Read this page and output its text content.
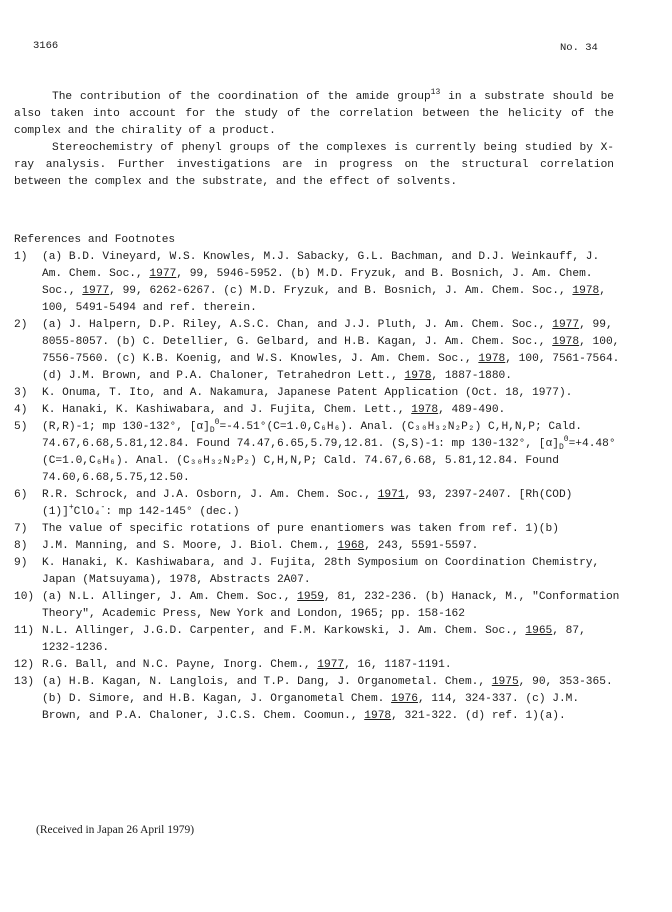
3166	No. 34

The contribution of the coordination of the amide group$^{13}$ in a substrate should be also taken into account for the study of the correlation between the helicity of the complex and the chirality of a product.

Stereochemistry of phenyl groups of the complexes is currently being studied by X-ray analysis. Further investigations are in progress on the structural correlation between the complex and the substrate, and the effect of solvents.

References and Footnotes
1)	(a) B.D. Vineyard, W.S. Knowles, M.J. Sabacky, G.L. Bachman, and D.J. Weinkauff, J. Am. Chem. Soc., 1977, 99, 5946-5952. (b) M.D. Fryzuk, and B. Bosnich, J. Am. Chem. Soc., 1977, 99, 6262-6267. (c) M.D. Fryzuk, and B. Bosnich, J. Am. Chem. Soc., 1978, 100, 5491-5494 and ref. therein.
2)	(a) J. Halpern, D.P. Riley, A.S.C. Chan, and J.J. Pluth, J. Am. Chem. Soc., 1977, 99, 8055-8057. (b) C. Detellier, G. Gelbard, and H.B. Kagan, J. Am. Chem. Soc., 1978, 100, 7556-7560. (c) K.B. Koenig, and W.S. Knowles, J. Am. Chem. Soc., 1978, 100, 7561-7564. (d) J.M. Brown, and P.A. Chaloner, Tetrahedron Lett., 1978, 1887-1880.
3)	K. Onuma, T. Ito, and A. Nakamura, Japanese Patent Application (Oct. 18, 1977).
4)	K. Hanaki, K. Kashiwabara, and J. Fujita, Chem. Lett., 1978, 489-490.
5)	(R,R)-1; mp 130-132°, $[\alpha]_D^0=-4.51^\circ(C=1.0,C_6H_6)$. Anal. (C₃₀H₃₂N₂P₂) C,H,N,P; Cald. 74.67,6.68,5.81,12.84. Found 74.47,6.65,5.79,12.81. (S,S)-1: mp 130-132°, $[\alpha]_D^0=+4.48^\circ(C=1.0,C_6H_6)$. Anal. (C₃₀H₃₂N₂P₂) C,H,N,P; Cald. 74.67,6.68, 5.81,12.84. Found 74.60,6.68,5.75,12.50.
6)	R.R. Schrock, and J.A. Osborn, J. Am. Chem. Soc., 1971, 93, 2397-2407. [Rh(COD)(1)]+ClO₄-: mp 142-145° (dec.)
7)	The value of specific rotations of pure enantiomers was taken from ref. 1)(b)
8)	J.M. Manning, and S. Moore, J. Biol. Chem., 1968, 243, 5591-5597.
9)	K. Hanaki, K. Kashiwabara, and J. Fujita, 28th Symposium on Coordination Chemistry, Japan (Matsuyama), 1978, Abstracts 2A07.
10) (a) N.L. Allinger, J. Am. Chem. Soc., 1959, 81, 232-236. (b) Hanack, M., "Conformation Theory", Academic Press, New York and London, 1965; pp. 158-162
11) N.L. Allinger, J.G.D. Carpenter, and F.M. Karkowski, J. Am. Chem. Soc., 1965, 87, 1232-1236.
12) R.G. Ball, and N.C. Payne, Inorg. Chem., 1977, 16, 1187-1191.
13) (a) H.B. Kagan, N. Langlois, and T.P. Dang, J. Organometal. Chem., 1975, 90, 353-365. (b) D. Simore, and H.B. Kagan, J. Organometal Chem. 1976, 114, 324-337. (c) J.M. Brown, and P.A. Chaloner, J.C.S. Chem. Coomun., 1978, 321-322. (d) ref. 1)(a).
(Received in Japan 26 April 1979)
